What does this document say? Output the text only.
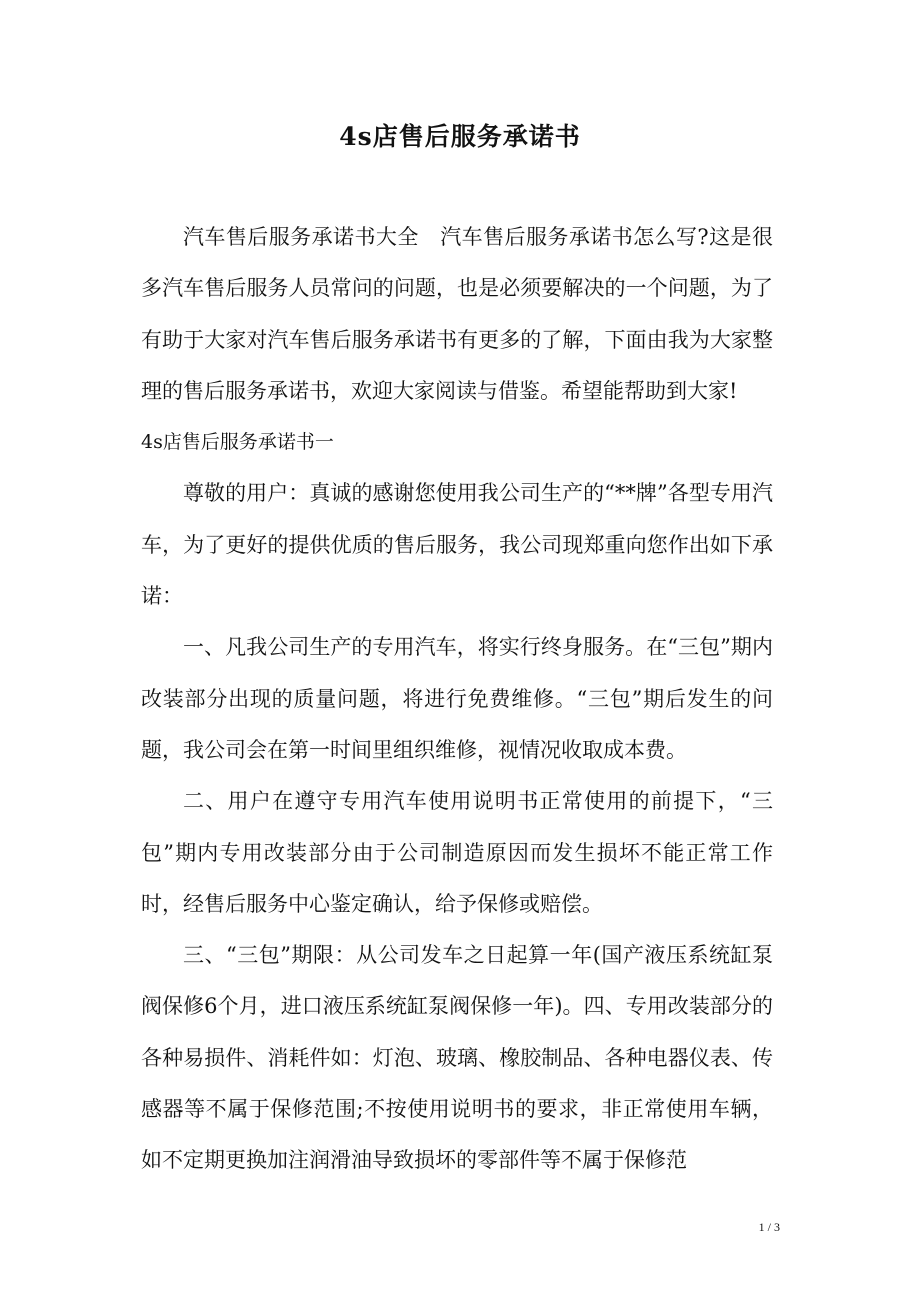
4s店售后服务承诺书

汽车售后服务承诺书大全　汽车售后服务承诺书怎么写?这是很多汽车售后服务人员常问的问题，也是必须要解决的一个问题，为了有助于大家对汽车售后服务承诺书有更多的了解，下面由我为大家整理的售后服务承诺书，欢迎大家阅读与借鉴。希望能帮助到大家!

4s店售后服务承诺书一

尊敬的用户：真诚的感谢您使用我公司生产的“**牌”各型专用汽车，为了更好的提供优质的售后服务，我公司现郑重向您作出如下承诺：

一、凡我公司生产的专用汽车，将实行终身服务。在“三包”期内改装部分出现的质量问题，将进行免费维修。“三包”期后发生的问题，我公司会在第一时间里组织维修，视情况收取成本费。

二、用户在遵守专用汽车使用说明书正常使用的前提下，“三包”期内专用改装部分由于公司制造原因而发生损坏不能正常工作时，经售后服务中心鉴定确认，给予保修或赔偿。

三、“三包”期限：从公司发车之日起算一年(国产液压系统缸泵阀保修6个月，进口液压系统缸泵阀保修一年)。四、专用改装部分的各种易损件、消耗件如：灯泡、玻璃、橡胶制品、各种电器仪表、传感器等不属于保修范围;不按使用说明书的要求，非正常使用车辆，如不定期更换加注润滑油导致损坏的零部件等不属于保修范

1 / 3
